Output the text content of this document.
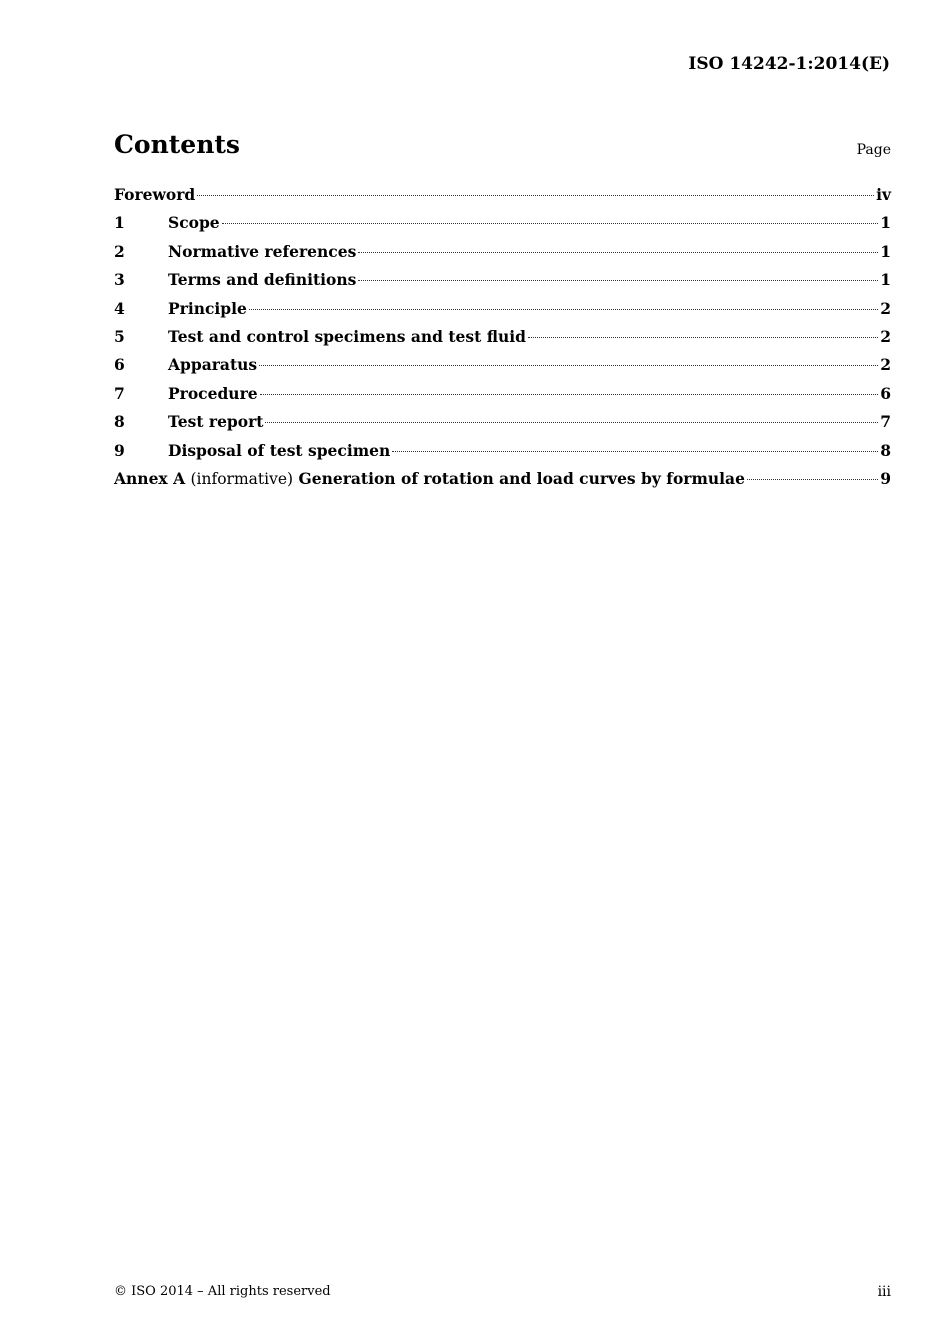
ISO 14242-1:2014(E)
Contents	Page
Foreword	iv
1	Scope	1
2	Normative references	1
3	Terms and definitions	1
4	Principle	2
5	Test and control specimens and test fluid	2
6	Apparatus	2
7	Procedure	6
8	Test report	7
9	Disposal of test specimen	8
Annex A (informative) Generation of rotation and load curves by formulae	9
© ISO 2014 – All rights reserved	iii
